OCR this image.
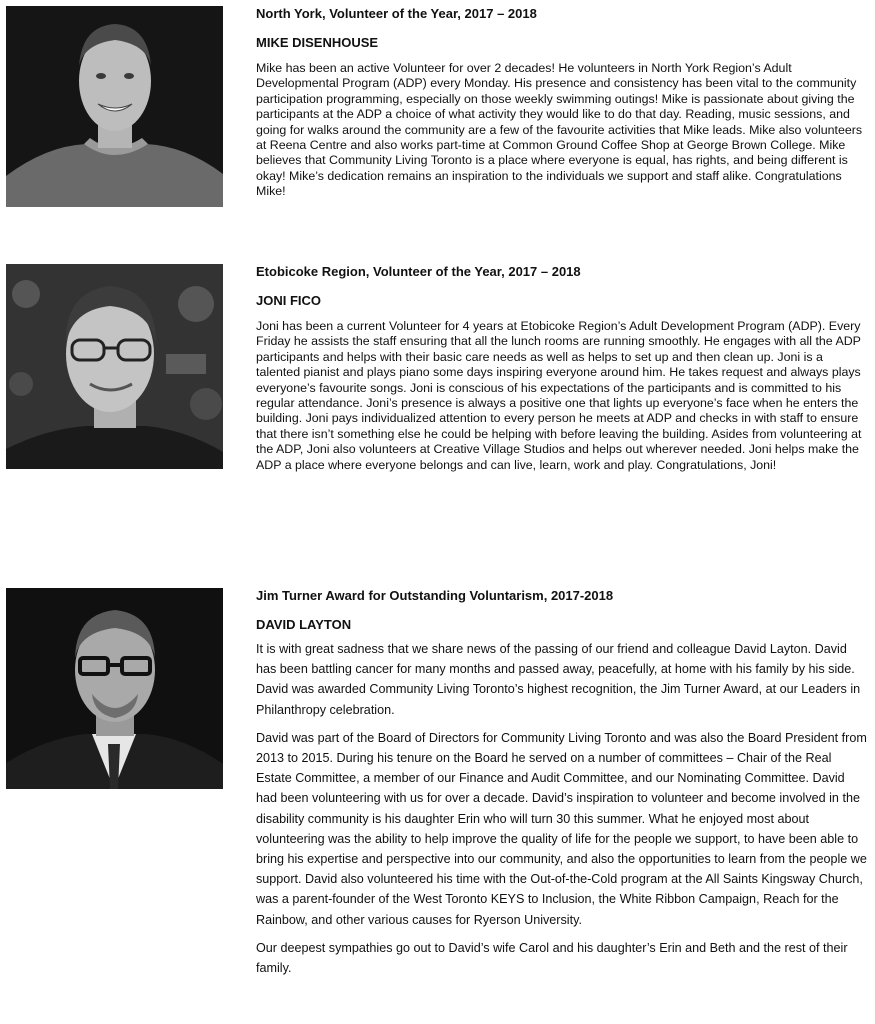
North York, Volunteer of the Year, 2017 – 2018

MIKE DISENHOUSE

Mike has been an active Volunteer for over 2 decades! He volunteers in North York Region’s Adult Developmental Program (ADP) every Monday. His presence and consistency has been vital to the community participation programming, especially on those weekly swimming outings! Mike is passionate about giving the participants at the ADP a choice of what activity they would like to do that day. Reading, music sessions, and going for walks around the community are a few of the favourite activities that Mike leads. Mike also volunteers at Reena Centre and also works part-time at Common Ground Coffee Shop at George Brown College. Mike believes that Community Living Toronto is a place where everyone is equal, has rights, and being different is okay! Mike’s dedication remains an inspiration to the individuals we support and staff alike. Congratulations Mike!

Etobicoke Region, Volunteer of the Year, 2017 – 2018

JONI FICO

Joni has been a current Volunteer for 4 years at Etobicoke Region’s Adult Development Program (ADP). Every Friday he assists the staff ensuring that all the lunch rooms are running smoothly. He engages with all the ADP participants and helps with their basic care needs as well as helps to set up and then clean up. Joni is a talented pianist and plays piano some days inspiring everyone around him. He takes request and always plays everyone’s favourite songs. Joni is conscious of his expectations of the participants and is committed to his regular attendance. Joni’s presence is always a positive one that lights up everyone’s face when he enters the building. Joni pays individualized attention to every person he meets at ADP and checks in with staff to ensure that there isn’t something else he could be helping with before leaving the building. Asides from volunteering at the ADP, Joni also volunteers at Creative Village Studios and helps out wherever needed. Joni helps make the ADP a place where everyone belongs and can live, learn, work and play. Congratulations, Joni!

Jim Turner Award for Outstanding Voluntarism, 2017-2018

DAVID LAYTON

It is with great sadness that we share news of the passing of our friend and colleague David Layton. David has been battling cancer for many months and passed away, peacefully, at home with his family by his side. David was awarded Community Living Toronto’s highest recognition, the Jim Turner Award, at our Leaders in Philanthropy celebration.

David was part of the Board of Directors for Community Living Toronto and was also the Board President from 2013 to 2015. During his tenure on the Board he served on a number of committees – Chair of the Real Estate Committee, a member of our Finance and Audit Committee, and our Nominating Committee. David had been volunteering with us for over a decade. David’s inspiration to volunteer and become involved in the disability community is his daughter Erin who will turn 30 this summer. What he enjoyed most about volunteering was the ability to help improve the quality of life for the people we support, to have been able to bring his expertise and perspective into our community, and also the opportunities to learn from the people we support. David also volunteered his time with the Out-of-the-Cold program at the All Saints Kingsway Church, was a parent-founder of the West Toronto KEYS to Inclusion, the White Ribbon Campaign, Reach for the Rainbow, and other various causes for Ryerson University.

Our deepest sympathies go out to David’s wife Carol and his daughter’s Erin and Beth and the rest of their family.
